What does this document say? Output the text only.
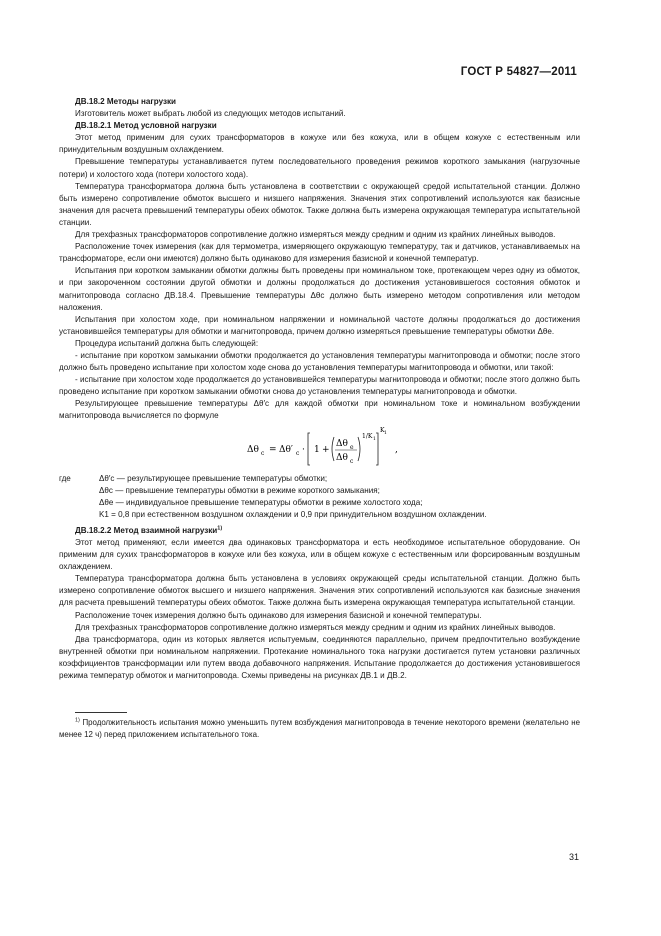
ГОСТ Р 54827—2011
ДВ.18.2 Методы нагрузки

Изготовитель может выбрать любой из следующих методов испытаний.

ДВ.18.2.1 Метод условной нагрузки

Этот метод применим для сухих трансформаторов в кожухе или без кожуха, или в общем кожухе с естественным или принудительным воздушным охлаждением.

Превышение температуры устанавливается путем последовательного проведения режимов короткого замыкания (нагрузочные потери) и холостого хода (потери холостого хода).

Температура трансформатора должна быть установлена в соответствии с окружающей средой испытательной станции. Должно быть измерено сопротивление обмоток высшего и низшего напряжения. Значения этих сопротивлений используются как базисные значения для расчета превышений температуры обеих обмоток. Также должна быть измерена окружающая температура испытательной станции.

Для трехфазных трансформаторов сопротивление должно измеряться между средним и одним из крайних линейных выводов.

Расположение точек измерения (как для термометра, измеряющего окружающую температуру, так и датчиков, устанавливаемых на трансформаторе, если они имеются) должно быть одинаково для измерения базисной и конечной температур.

Испытания при коротком замыкании обмотки должны быть проведены при номинальном токе, протекающем через одну из обмоток, и при закороченном состоянии другой обмотки и должны продолжаться до достижения установившегося состояния обмоток и магнитопровода согласно ДВ.18.4. Превышение температуры Δθc должно быть измерено методом сопротивления или методом наложения.

Испытания при холостом ходе, при номинальном напряжении и номинальной частоте должны продолжаться до достижения установившейся температуры для обмотки и магнитопровода, причем должно измеряться превышение температуры обмотки Δθe.

Процедура испытаний должна быть следующей:

- испытание при коротком замыкании обмотки продолжается до установления температуры магнитопровода и обмотки; после этого должно быть проведено испытание при холостом ходе снова до установления температуры магнитопровода и обмотки, или такой:

- испытание при холостом ходе продолжается до установившейся температуры магнитопровода и обмотки; после этого должно быть проведено испытание при коротком замыкании обмотки снова до установления температуры магнитопровода и обмотки.

Результирующее превышение температуры Δθ′c для каждой обмотки при номинальном токе и номинальном возбуждении магнитопровода вычисляется по формуле

Δθ c = Δθ′ c · 1 +
Δθ e
Δθ c
1/K 1
K 1
,
где	Δθ′c
— результирующее превышение температуры обмотки;
Δθc
— превышение температуры обмотки в режиме короткого замыкания;
Δθe
— индивидуальное превышение температуры обмотки в режиме холостого хода;
K1
= 0,8 при естественном воздушном охлаждении и 0,9 при принудительном воздушном охлаждении.
ДВ.18.2.2 Метод взаимной нагрузки$^{1)}$

Этот метод применяют, если имеется два одинаковых трансформатора и есть необходимое испытательное оборудование. Он применим для сухих трансформаторов в кожухе или без кожуха, или в общем кожухе с естественным или форсированным воздушным охлаждением.

Температура трансформатора должна быть установлена в условиях окружающей среды испытательной станции. Должно быть измерено сопротивление обмоток высшего и низшего напряжения. Значения этих сопротивлений используются как базисные значения для расчета превышений температуры обеих обмоток. Также должна быть измерена окружающая температура испытательной станции.

Расположение точек измерения должно быть одинаково для измерения базисной и конечной температуры.

Для трехфазных трансформаторов сопротивление должно измеряться между средним и одним из крайних линейных выводов.

Два трансформатора, один из которых является испытуемым, соединяются параллельно, причем предпочтительно возбуждение внутренней обмотки при номинальном напряжении. Протекание номинального тока нагрузки достигается путем установки различных коэффициентов трансформации или путем ввода добавочного напряжения. Испытание продолжается до достижения установившегося режима температур обмоток и магнитопровода. Схемы приведены на рисунках ДВ.1 и ДВ.2.

$^{1)}$ Продолжительность испытания можно уменьшить путем возбуждения магнитопровода в течение некоторого времени (желательно не менее 12 ч) перед приложением испытательного тока.

31
